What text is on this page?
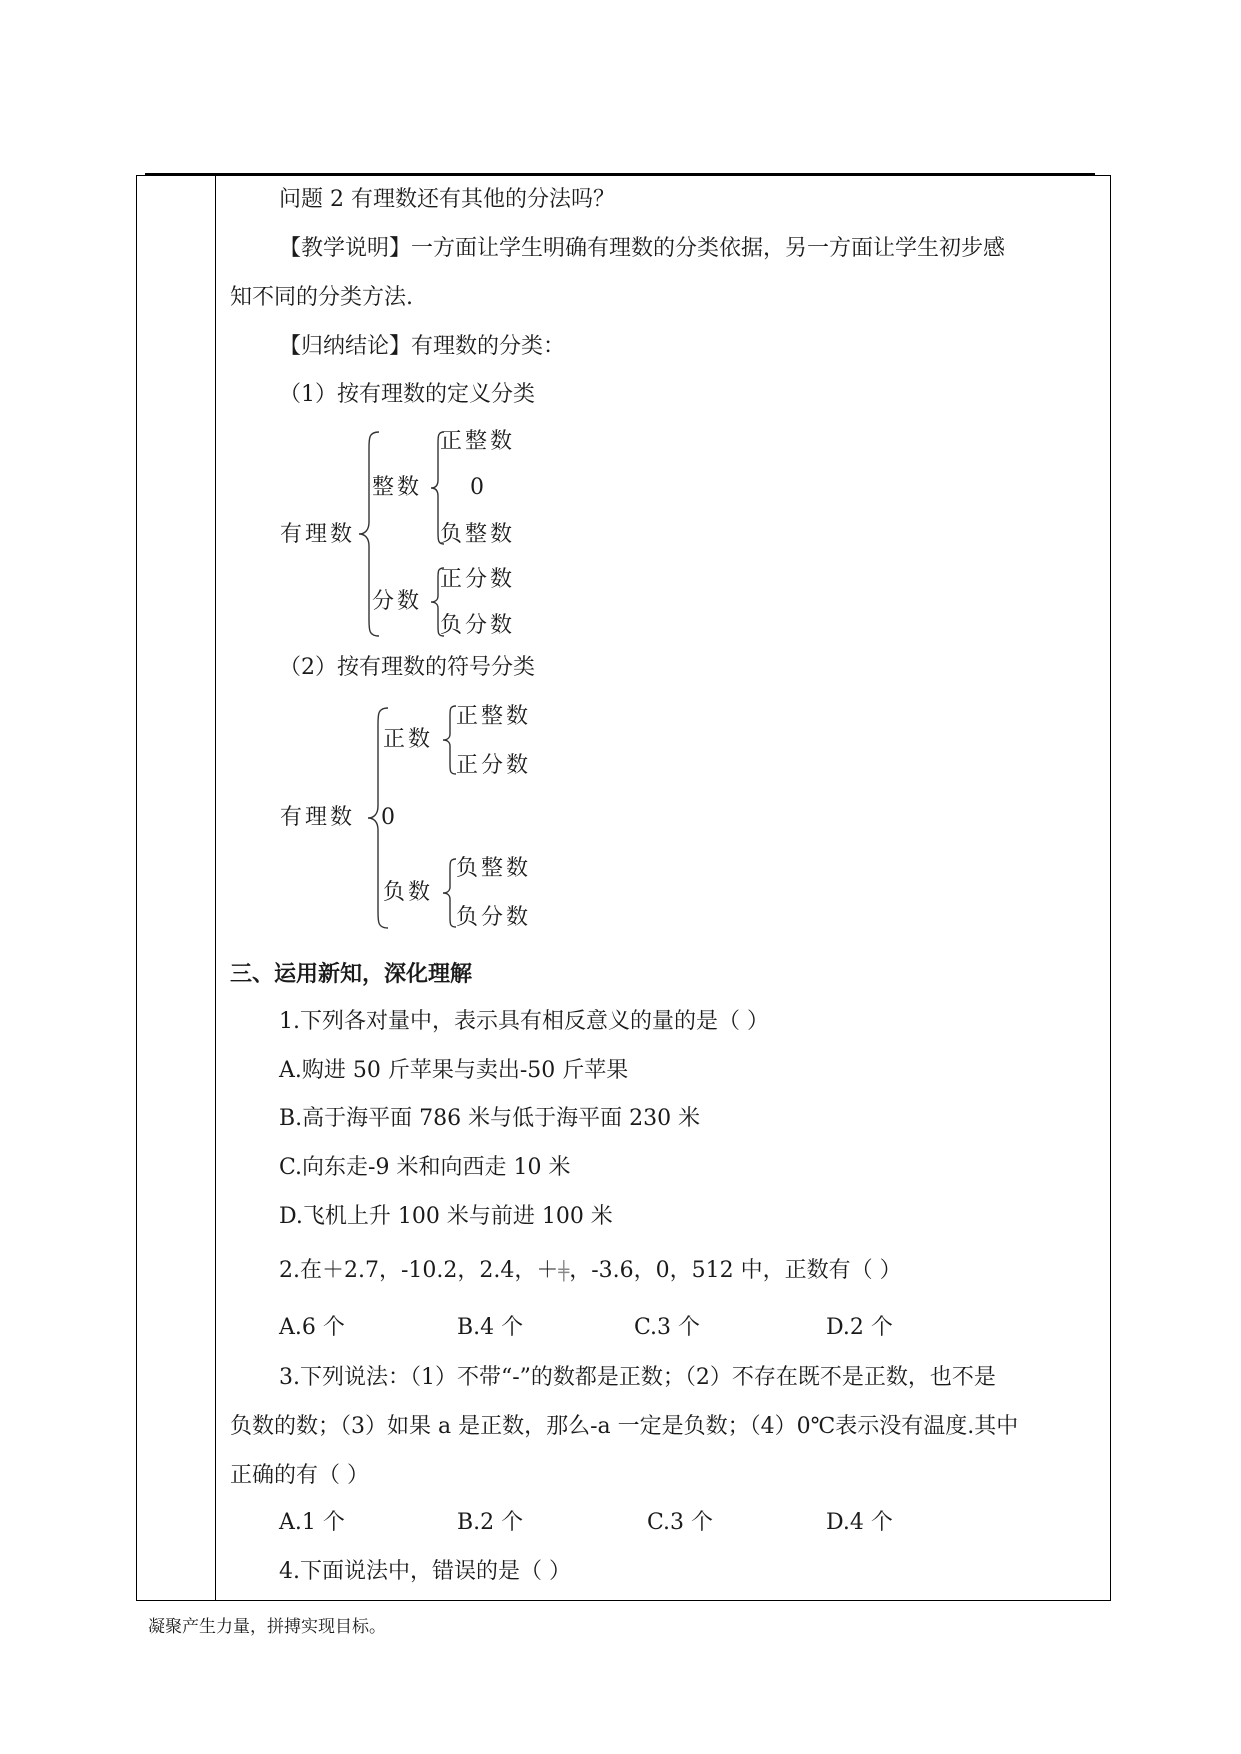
问题 2 有理数还有其他的分法吗？
【教学说明】一方面让学生明确有理数的分类依据，另一方面让学生初步感
知不同的分类方法.
【归纳结论】有理数的分类：
（1）按有理数的定义分类
有理数
整数
正整数
0
负整数
分数
正分数
负分数
（2）按有理数的符号分类
有理数
正数
正整数
正分数
0
负数
负整数
负分数
三、运用新知，深化理解
1.下列各对量中，表示具有相反意义的量的是（ ）
A.购进 50 斤苹果与卖出-50 斤苹果
B.高于海平面 786 米与低于海平面 230 米
C.向东走-9 米和向西走 10 米
D.飞机上升 100 米与前进 100 米
2.在＋2.7，-10.2，2.4，＋╪，-3.6，0，512 中，正数有（ ）
A.6 个	B.4 个	C.3 个	D.2 个
3.下列说法：（1）不带“-”的数都是正数；（2）不存在既不是正数，也不是
负数的数；（3）如果 a 是正数，那么-a 一定是负数；（4）0℃表示没有温度.其中
正确的有（ ）
A.1 个	B.2 个	C.3 个	D.4 个
4.下面说法中，错误的是（ ）
凝聚产生力量，拼搏实现目标。
